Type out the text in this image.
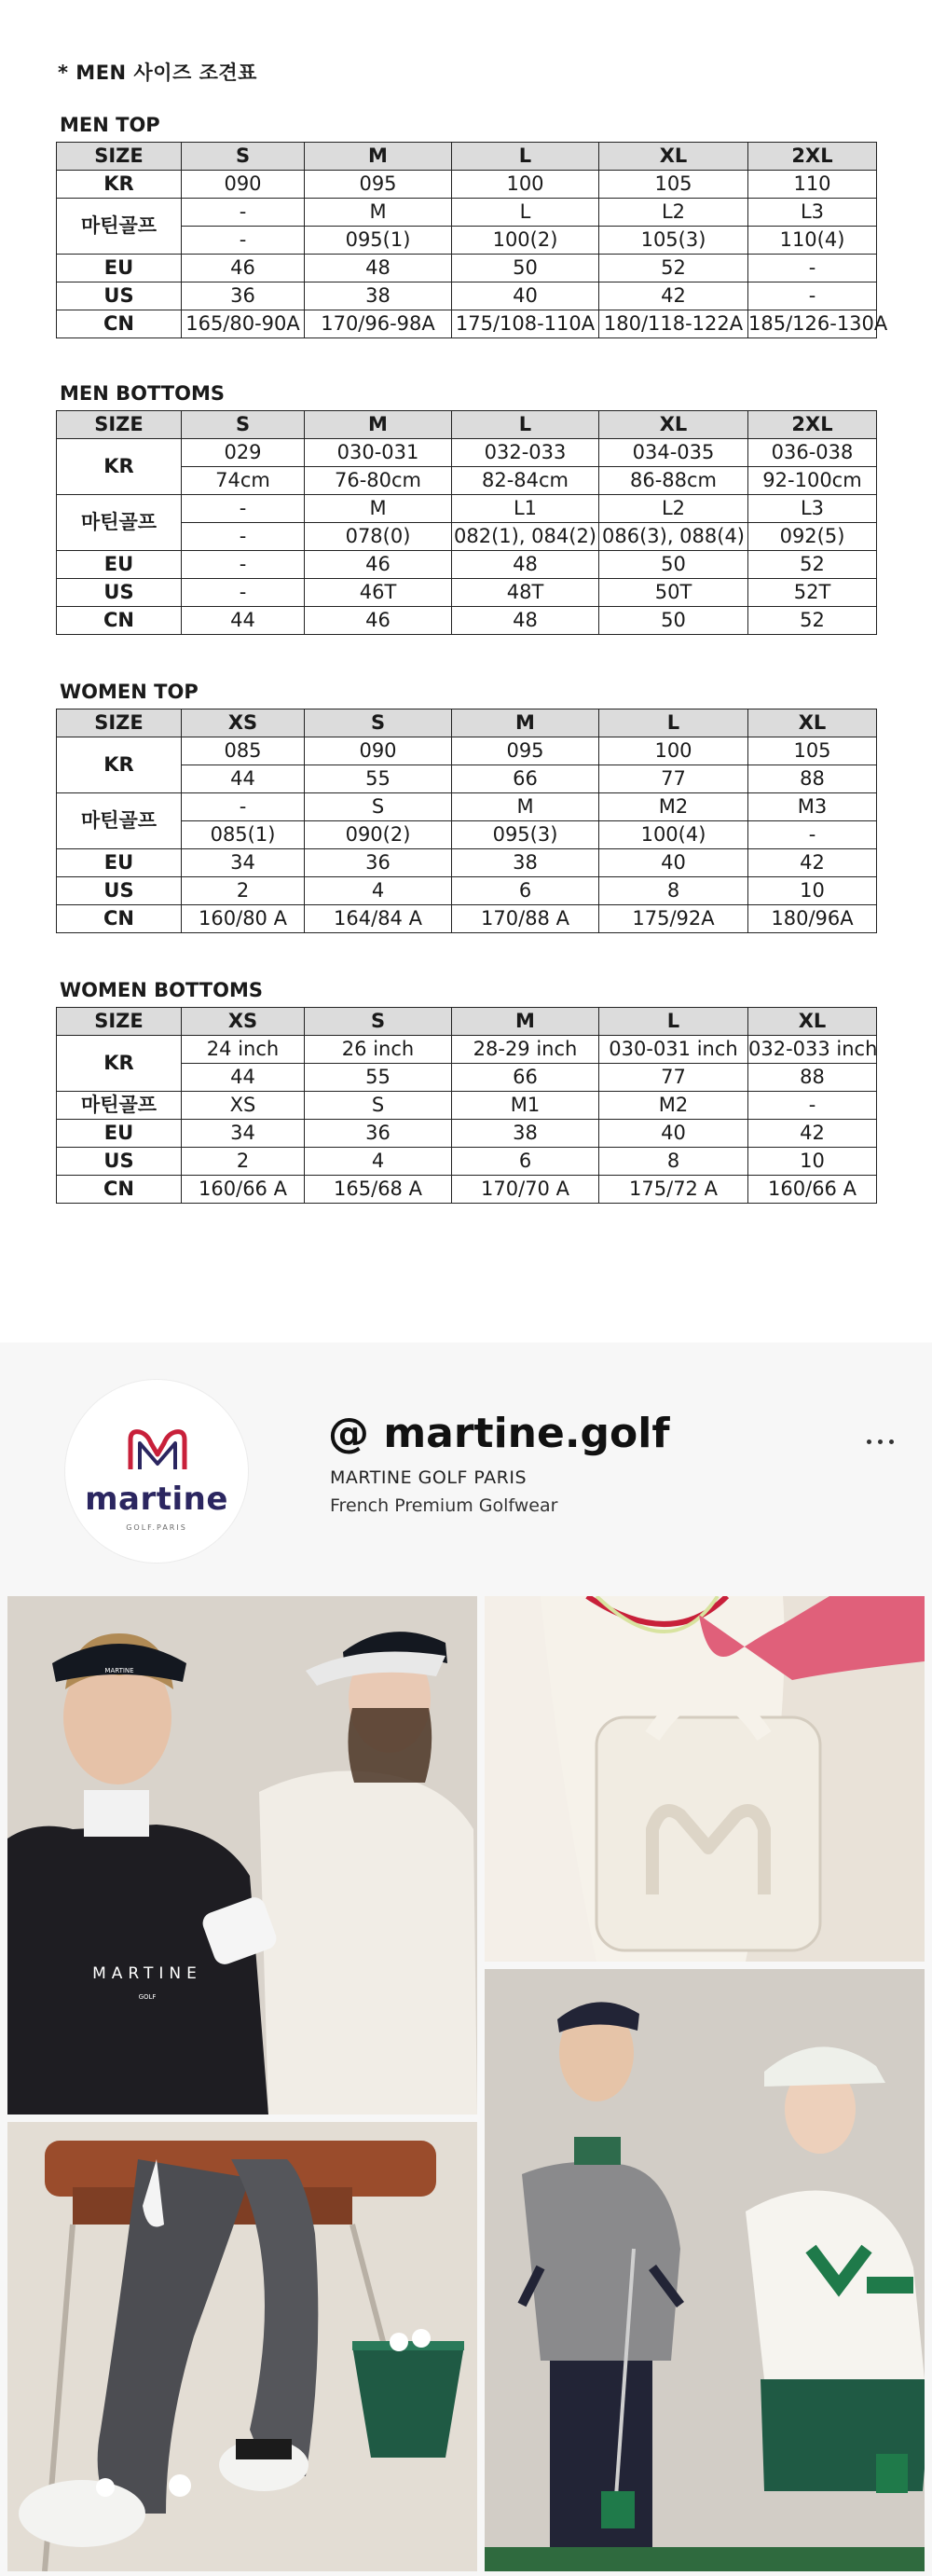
* MEN 사이즈 조견표
MEN TOP
SIZE	S	M	L	XL	2XL
KR	090	095	100	105	110
마틴골프	-	M	L	L2	L3
	-	095(1)	100(2)	105(3)	110(4)
EU	46	48	50	52	-
US	36	38	40	42	-
CN	165/80-90A	170/96-98A	175/108-110A	180/118-122A	185/126-130A
MEN BOTTOMS
SIZE	S	M	L	XL	2XL
KR	029	030-031	032-033	034-035	036-038
	74cm	76-80cm	82-84cm	86-88cm	92-100cm
마틴골프	-	M	L1	L2	L3
	-	078(0)	082(1), 084(2)	086(3), 088(4)	092(5)
EU	-	46	48	50	52
US	-	46T	48T	50T	52T
CN	44	46	48	50	52
WOMEN TOP
SIZE	XS	S	M	L	XL
KR	085	090	095	100	105
	44	55	66	77	88
마틴골프	-	S	M	M2	M3
	085(1)	090(2)	095(3)	100(4)	-
EU	34	36	38	40	42
US	2	4	6	8	10
CN	160/80 A	164/84 A	170/88 A	175/92A	180/96A
WOMEN BOTTOMS
SIZE	XS	S	M	L	XL
KR	24 inch	26 inch	28-29 inch	030-031 inch	032-033 inch
	44	55	66	77	88
마틴골프	XS	S	M1	M2	-
EU	34	36	38	40	42
US	2	4	6	8	10
CN	160/66 A	165/68 A	170/70 A	175/72 A	160/66 A
martine
GOLF.PARIS
@ martine.golf
MARTINE GOLF PARIS
French Premium Golfwear
MARTINE
MARTINE
GOLF
